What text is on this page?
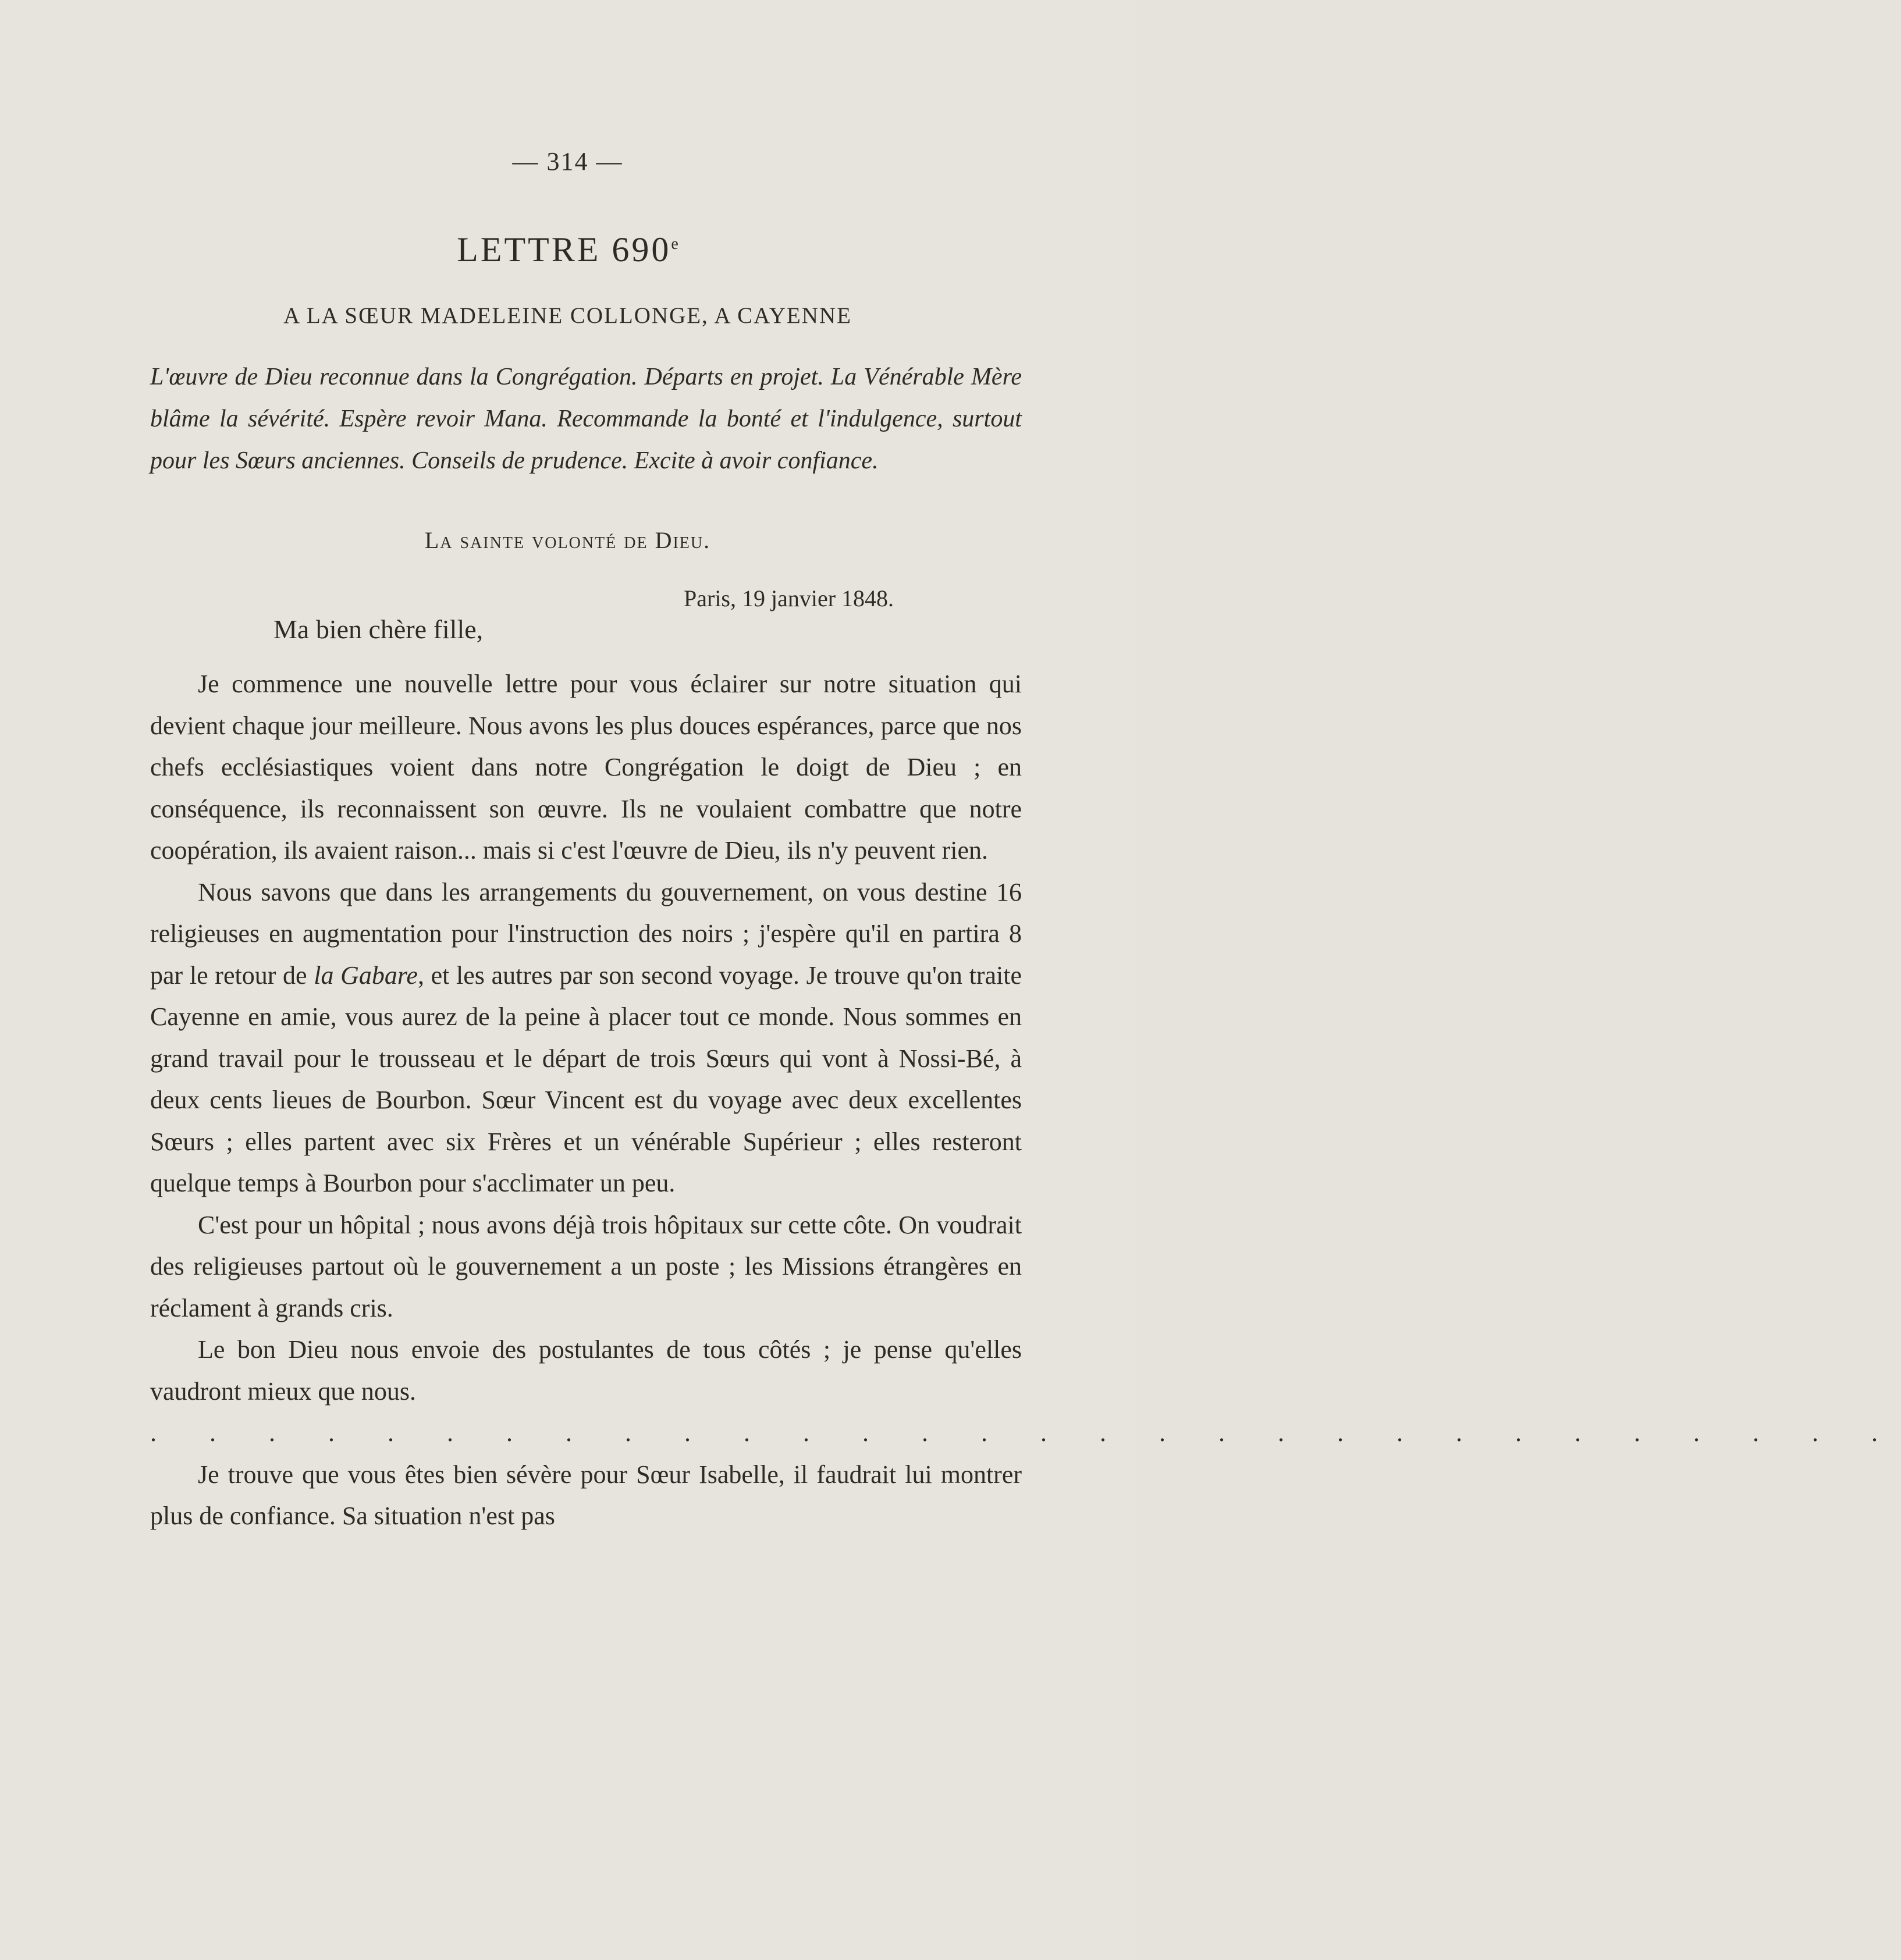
— 314 —
LETTRE 690e
A LA SŒUR MADELEINE COLLONGE, A CAYENNE
L'œuvre de Dieu reconnue dans la Congrégation. Départs en projet. La Vénérable Mère blâme la sévérité. Espère revoir Mana. Recommande la bonté et l'indulgence, surtout pour les Sœurs anciennes. Conseils de prudence. Excite à avoir confiance.
La sainte volonté de Dieu.
Paris, 19 janvier 1848.
Ma bien chère fille,

Je commence une nouvelle lettre pour vous éclairer sur notre situation qui devient chaque jour meilleure. Nous avons les plus douces espérances, parce que nos chefs ecclésiastiques voient dans notre Congrégation le doigt de Dieu ; en conséquence, ils reconnaissent son œuvre. Ils ne voulaient combattre que notre coopération, ils avaient raison... mais si c'est l'œuvre de Dieu, ils n'y peuvent rien.

Nous savons que dans les arrangements du gouvernement, on vous destine 16 religieuses en augmentation pour l'instruction des noirs ; j'espère qu'il en partira 8 par le retour de la Gabare, et les autres par son second voyage. Je trouve qu'on traite Cayenne en amie, vous aurez de la peine à placer tout ce monde. Nous sommes en grand travail pour le trousseau et le départ de trois Sœurs qui vont à Nossi-Bé, à deux cents lieues de Bourbon. Sœur Vincent est du voyage avec deux excellentes Sœurs ; elles partent avec six Frères et un vénérable Supérieur ; elles resteront quelque temps à Bourbon pour s'acclimater un peu.

C'est pour un hôpital ; nous avons déjà trois hôpitaux sur cette côte. On voudrait des religieuses partout où le gouvernement a un poste ; les Missions étrangères en réclament à grands cris.

Le bon Dieu nous envoie des postulantes de tous côtés ; je pense qu'elles vaudront mieux que nous.

. . . . . . . . . . . . . . . . . . . . . . . . . . . . . .

Je trouve que vous êtes bien sévère pour Sœur Isabelle, il faudrait lui montrer plus de confiance. Sa situation n'est pas
